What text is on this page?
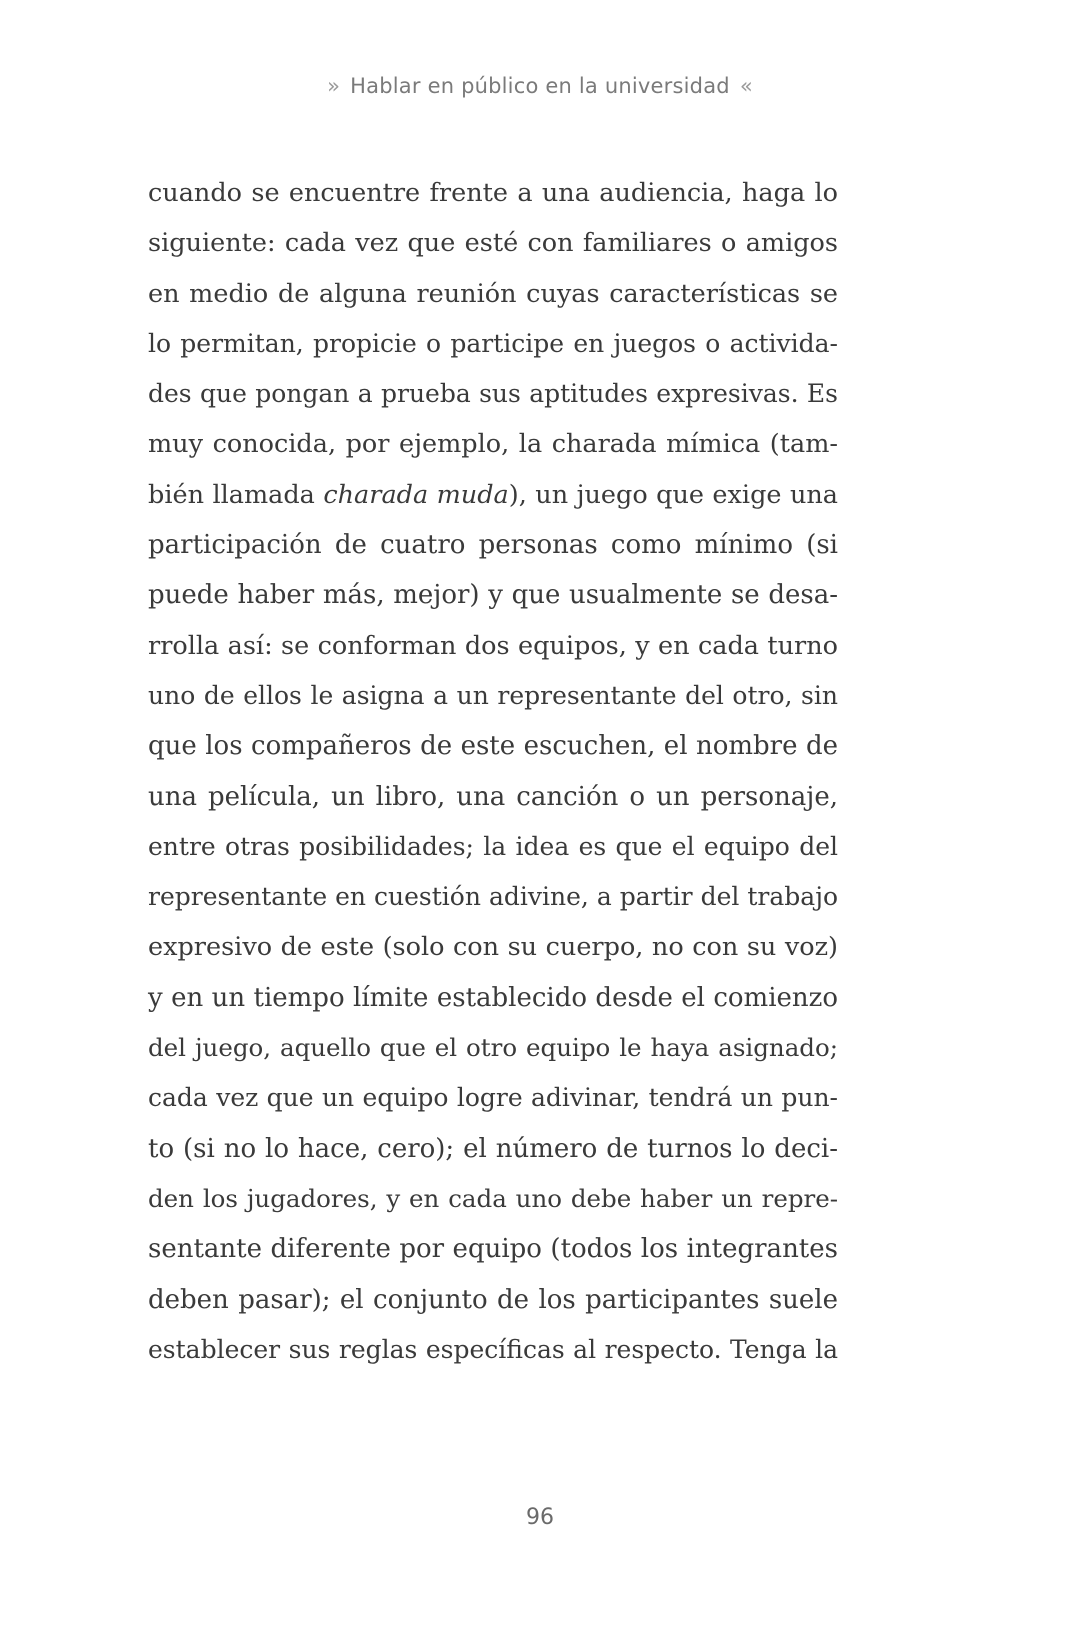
» Hablar en público en la universidad «
cuando se encuentre frente a una audiencia, haga lo
siguiente: cada vez que esté con familiares o amigos
en medio de alguna reunión cuyas características se
lo permitan, propicie o participe en juegos o activida-
des que pongan a prueba sus aptitudes expresivas. Es
muy conocida, por ejemplo, la charada mímica (tam-
bién llamada charada muda), un juego que exige una
participación de cuatro personas como mínimo (si
puede haber más, mejor) y que usualmente se desa-
rrolla así: se conforman dos equipos, y en cada turno
uno de ellos le asigna a un representante del otro, sin
que los compañeros de este escuchen, el nombre de
una película, un libro, una canción o un personaje,
entre otras posibilidades; la idea es que el equipo del
representante en cuestión adivine, a partir del trabajo
expresivo de este (solo con su cuerpo, no con su voz)
y en un tiempo límite establecido desde el comienzo
del juego, aquello que el otro equipo le haya asignado;
cada vez que un equipo logre adivinar, tendrá un pun-
to (si no lo hace, cero); el número de turnos lo deci-
den los jugadores, y en cada uno debe haber un repre-
sentante diferente por equipo (todos los integrantes
deben pasar); el conjunto de los participantes suele
establecer sus reglas específicas al respecto. Tenga la
96
